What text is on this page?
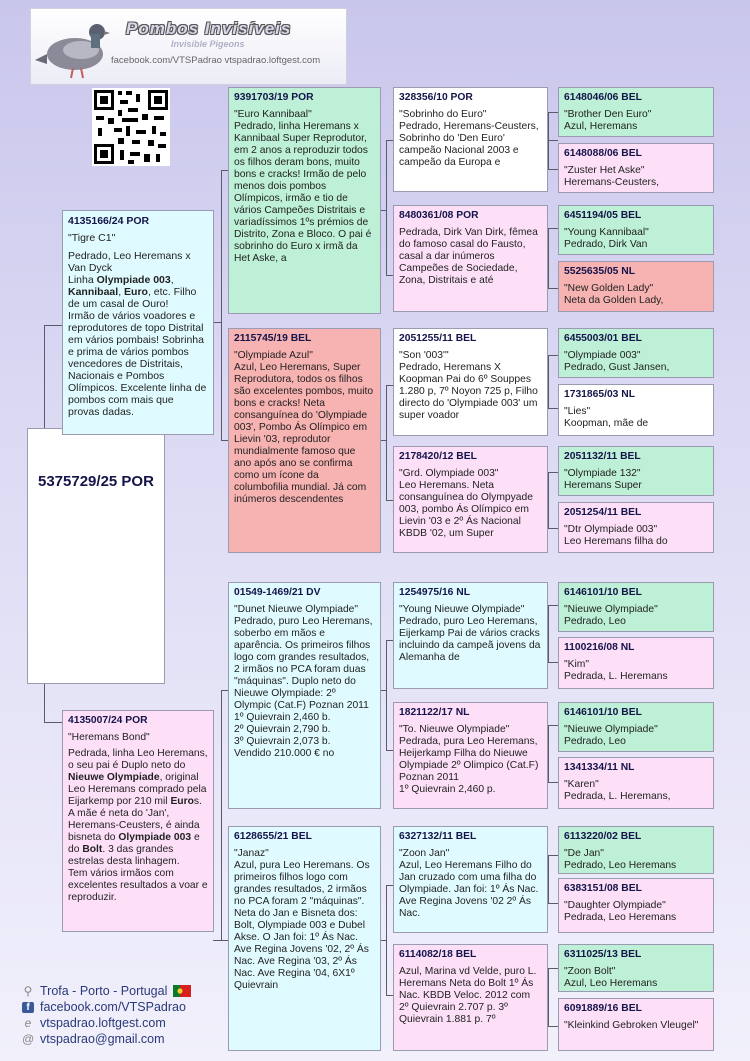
Pombos Invisíveis
Invisible Pigeons
facebook.com/VTSPadrao vtspadrao.loftgest.com
5375729/25 POR
4135166/24 POR
"Tigre C1"
Pedrado, Leo Heremans x Van Dyck
Linha Olympiade 003, Kannibaal, Euro, etc. Filho de um casal de Ouro!
Irmão de vários voadores e reprodutores de topo Distrital em vários pombais! Sobrinha e prima de vários pombos vencedores de Distritais, Nacionais e Pombos Olímpicos. Excelente linha de pombos com mais que provas dadas.
4135007/24 POR
"Heremans Bond"
Pedrada, linha Leo Heremans, o seu pai é Duplo neto do Nieuwe Olympiade, original Leo Heremans comprado pela Eijarkemp por 210 mil Euros. A mãe é neta do 'Jan', Heremans-Ceusters, é ainda bisneta do Olympiade 003 e do Bolt. 3 das grandes estrelas desta linhagem.
Tem vários irmãos com excelentes resultados a voar e reproduzir.
9391703/19 POR
"Euro Kannibaal"
Pedrado, linha Heremans x Kannibaal Super Reprodutor, em 2 anos a reproduzir todos os filhos deram bons, muito bons e cracks! Irmão de pelo menos dois pombos Olímpicos, irmão e tio de vários Campeões Distritais e variadíssimos 1ºs prémios de Distrito, Zona e Bloco. O pai é sobrinho do Euro x irmã da Het Aske, a
2115745/19 BEL
"Olympiade Azul"
Azul, Leo Heremans, Super Reprodutora, todos os filhos são excelentes pombos, muito bons e cracks! Neta consanguínea do 'Olympiade 003', Pombo Ás Olímpico em Lievin '03, reprodutor mundialmente famoso que ano após ano se confirma como um ícone da columbofilia mundial. Já com inúmeros descendentes
01549-1469/21 DV
"Dunet Nieuwe Olympiade"
Pedrado, puro Leo Heremans, soberbo em mãos e aparência. Os primeiros filhos logo com grandes resultados, 2 irmãos no PCA foram duas "máquinas". Duplo neto do Nieuwe Olympiade: 2º Olympic (Cat.F) Poznan 2011
1º Quievrain 2,460 b.
2º Quievrain 2,790 b.
3º Quievrain 2,073 b.
Vendido 210.000 € no
6128655/21 BEL
"Janaz"
Azul, pura Leo Heremans. Os primeiros filhos logo com grandes resultados, 2 irmãos no PCA foram 2 "máquinas". Neta do Jan e Bisneta dos: Bolt, Olympiade 003 e Dubel Akse. O Jan foi: 1º Ás Nac. Ave Regina Jovens '02, 2º Ás Nac. Ave Regina '03, 2º Ás Nac. Ave Regina '04, 6X1º Quievrain
328356/10 POR
"Sobrinho do Euro"
Pedrado, Heremans-Ceusters, Sobrinho do 'Den Euro' campeão Nacional 2003 e campeão da Europa e
8480361/08 POR
Pedrada, Dirk Van Dirk, fêmea do famoso casal do Fausto, casal a dar inúmeros Campeões de Sociedade, Zona, Distritais e até
2051255/11 BEL
"Son '003'"
Pedrado, Heremans X Koopman Pai do 6º Souppes 1.280 p, 7º Noyon 725 p, Filho directo do 'Olympiade 003' um super voador
2178420/12 BEL
"Grd. Olympiade 003"
Leo Heremans. Neta consanguínea do Olympyade 003, pombo Ás Olímpico em Lievin '03 e 2º Ás Nacional KBDB '02, um Super
1254975/16 NL
"Young Nieuwe Olympiade"
Pedrado, puro Leo Heremans, Eijerkamp Pai de vários cracks incluindo da campeã jovens da Alemanha de
1821122/17 NL
"To. Nieuwe Olympiade"
Pedrada, pura Leo Heremans, Heijerkamp Filha do Nieuwe Olympiade 2º Olimpico (Cat.F) Poznan 2011
1º Quievrain 2,460 p.
6327132/11 BEL
"Zoon Jan"
Azul, Leo Heremans Filho do Jan cruzado com uma filha do Olympiade. Jan foi: 1º Ás Nac. Ave Regina Jovens '02 2º Ás Nac.
6114082/18 BEL
Azul, Marina vd Velde, puro L. Heremans Neta do Bolt 1º Ás Nac. KBDB Veloc. 2012 com 2º Quievrain 2.707 p. 3º Quievrain 1.881 p. 7º
6148046/06 BEL
"Brother Den Euro"
Azul, Heremans
6148088/06 BEL
"Zuster Het Aske"
Heremans-Ceusters,
6451194/05 BEL
"Young Kannibaal"
Pedrado, Dirk Van
5525635/05 NL
"New Golden Lady"
Neta da Golden Lady,
6455003/01 BEL
"Olympiade 003"
Pedrado, Gust Jansen,
1731865/03 NL
"Lies"
Koopman, mãe de
2051132/11 BEL
"Olympiade 132"
Heremans Super
2051254/11 BEL
"Dtr Olympiade 003"
Leo Heremans filha do
6146101/10 BEL
"Nieuwe Olympiade"
Pedrado, Leo
1100216/08 NL
"Kim"
Pedrada, L. Heremans
6146101/10 BEL
"Nieuwe Olympiade"
Pedrado, Leo
1341334/11 NL
"Karen"
Pedrada, L. Heremans,
6113220/02 BEL
"De Jan"
Pedrado, Leo Heremans
6383151/08 BEL
"Daughter Olympiade"
Pedrada, Leo Heremans
6311025/13 BEL
"Zoon Bolt"
Azul, Leo Heremans
6091889/16 BEL
"Kleinkind Gebroken Vleugel"
⚲ Trofa - Porto - Portugal
f facebook.com/VTSPadrao
e vtspadrao.loftgest.com
@ vtspadrao@gmail.com
